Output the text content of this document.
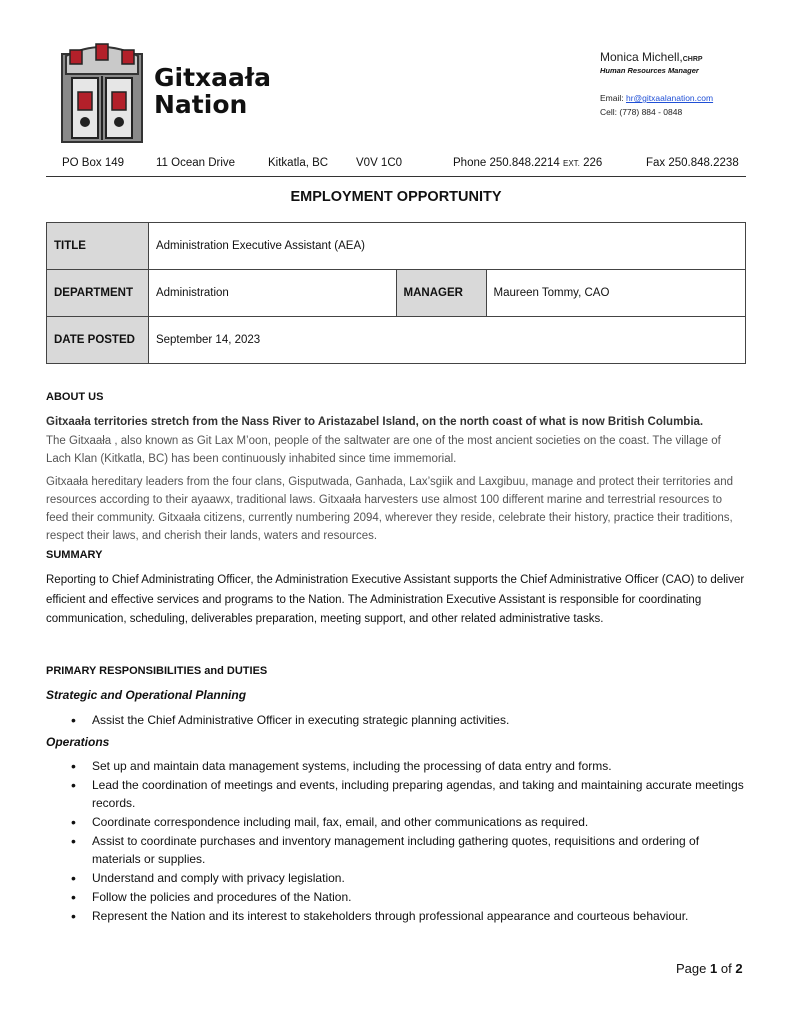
Gitxaała
Nation
Monica Michell,CHRP
Human Resources Manager
Email: hr@gitxaalanation.com
Cell: (778) 884 - 0848
PO Box 149	11 Ocean Drive	Kitkatla, BC V0V 1C0	Phone 250.848.2214 EXT. 226	Fax 250.848.2238
EMPLOYMENT OPPORTUNITY
TITLE	Administration Executive Assistant (AEA)		
DEPARTMENT	Administration	MANAGER	Maureen Tommy, CAO
DATE POSTED	September 14, 2023		
ABOUT US
Gitxaała territories stretch from the Nass River to Aristazabel Island, on the north coast of what is now British Columbia.
The Gitxaała , also known as Git Lax M’oon, people of the saltwater are one of the most ancient societies on the coast. The village of Lach Klan (Kitkatla, BC) has been continuously inhabited since time immemorial.
Gitxaała hereditary leaders from the four clans, Gisputwada, Ganhada, Lax’sgiik and Laxgibuu, manage and protect their territories and resources according to their ayaawx, traditional laws. Gitxaała harvesters use almost 100 different marine and terrestrial resources to feed their community. Gitxaała citizens, currently numbering 2094, wherever they reside, celebrate their history, practice their traditions, respect their laws, and cherish their lands, waters and resources.
SUMMARY
Reporting to Chief Administrating Officer, the Administration Executive Assistant supports the Chief Administrative Officer (CAO) to deliver efficient and effective services and programs to the Nation. The Administration Executive Assistant is responsible for coordinating communication, scheduling, deliverables preparation, meeting support, and other related administrative tasks.
PRIMARY RESPONSIBILITIES and DUTIES
Strategic and Operational Planning
• Assist the Chief Administrative Officer in executing strategic planning activities.
Operations
• Set up and maintain data management systems, including the processing of data entry and forms.
• Lead the coordination of meetings and events, including preparing agendas, and taking and maintaining accurate meetings records.
• Coordinate correspondence including mail, fax, email, and other communications as required.
• Assist to coordinate purchases and inventory management including gathering quotes, requisitions and ordering of materials or supplies.
• Understand and comply with privacy legislation.
• Follow the policies and procedures of the Nation.
• Represent the Nation and its interest to stakeholders through professional appearance and courteous behaviour.
Page 1 of 2
